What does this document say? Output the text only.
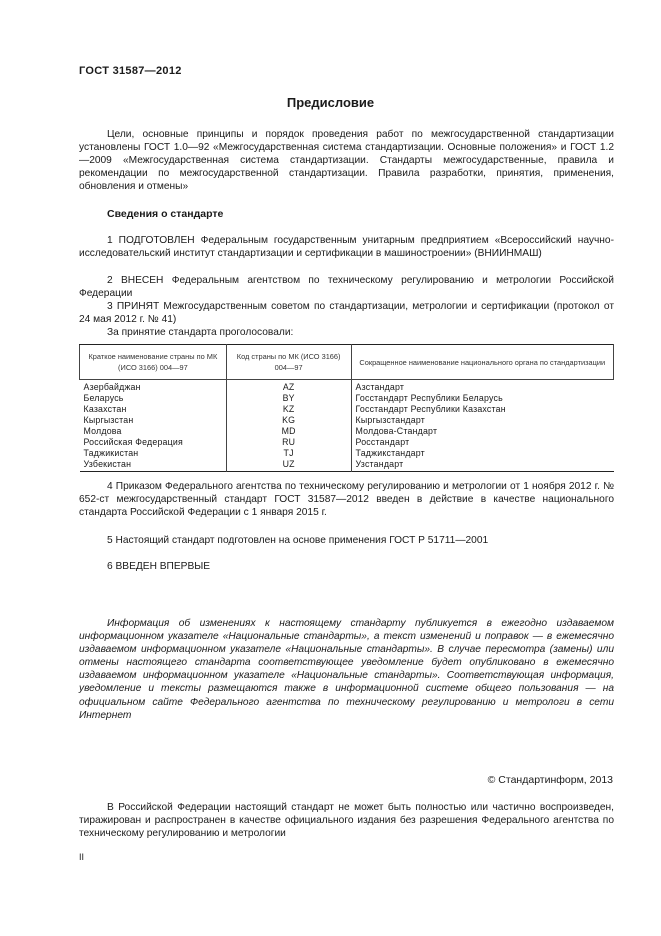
ГОСТ 31587—2012
Предисловие
Цели, основные принципы и порядок проведения работ по межгосударственной стандартизации установлены ГОСТ 1.0—92 «Межгосударственная система стандартизации. Основные положения» и ГОСТ 1.2—2009 «Межгосударственная система стандартизации. Стандарты межгосударственные, правила и рекомендации по межгосударственной стандартизации. Правила разработки, принятия, применения, обновления и отмены»
Сведения о стандарте
1 ПОДГОТОВЛЕН Федеральным государственным унитарным предприятием «Всероссийский научно-исследовательский институт стандартизации и сертификации в машиностроении» (ВНИИНМАШ)
2 ВНЕСЕН Федеральным агентством по техническому регулированию и метрологии Российской Федерации
3 ПРИНЯТ Межгосударственным советом по стандартизации, метрологии и сертификации (протокол от 24 мая 2012 г. № 41)
За принятие стандарта проголосовали:
Краткое наименование страны по МК (ИСО 3166) 004—97	Код страны по МК (ИСО 3166) 004—97	Сокращенное наименование национального органа по стандартизации
Азербайджан	AZ	Азстандарт
Беларусь	BY	Госстандарт Республики Беларусь
Казахстан	KZ	Госстандарт Республики Казахстан
Кыргызстан	KG	Кыргызстандарт
Молдова	MD	Молдова-Стандарт
Российская Федерация	RU	Росстандарт
Таджикистан	TJ	Таджикстандарт
Узбекистан	UZ	Узстандарт
4 Приказом Федерального агентства по техническому регулированию и метрологии от 1 ноября 2012 г. № 652-ст межгосударственный стандарт ГОСТ 31587—2012 введен в действие в качестве национального стандарта Российской Федерации с 1 января 2015 г.
5 Настоящий стандарт подготовлен на основе применения ГОСТ Р 51711—2001
6 ВВЕДЕН ВПЕРВЫЕ
Информация об изменениях к настоящему стандарту публикуется в ежегодно издаваемом информационном указателе «Национальные стандарты», а текст изменений и поправок — в ежемесячно издаваемом информационном указателе «Национальные стандарты». В случае пересмотра (замены) или отмены настоящего стандарта соответствующее уведомление будет опубликовано в ежемесячно издаваемом информационном указателе «Национальные стандарты». Соответствующая информация, уведомление и тексты размещаются также в информационной системе общего пользования — на официальном сайте Федерального агентства по техническому регулированию и метрологи в сети Интернет
© Стандартинформ, 2013
В Российской Федерации настоящий стандарт не может быть полностью или частично воспроизведен, тиражирован и распространен в качестве официального издания без разрешения Федерального агентства по техническому регулированию и метрологии
II
